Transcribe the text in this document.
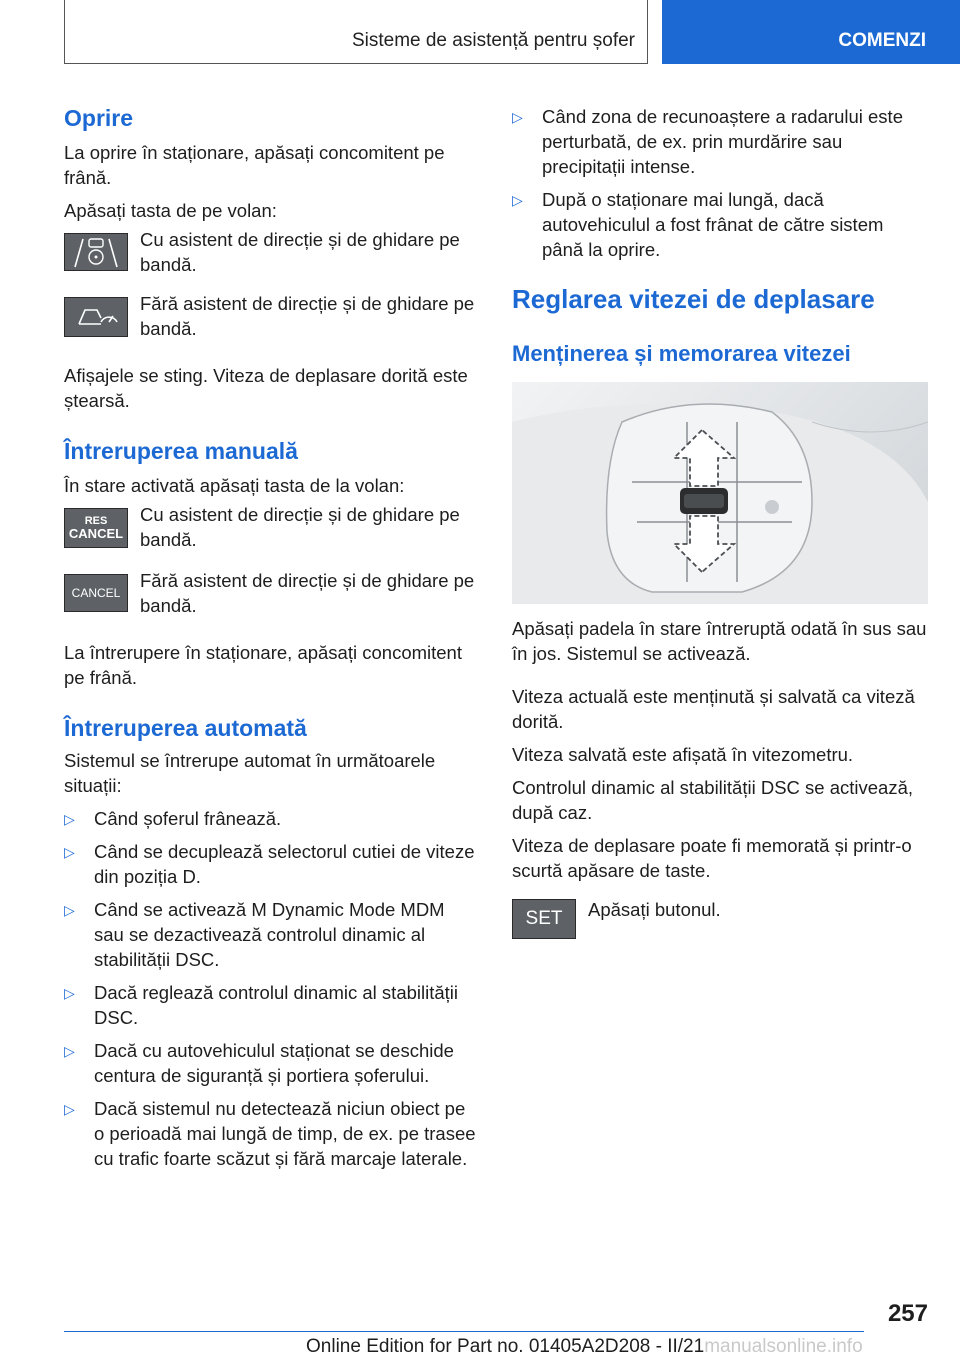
Sisteme de asistență pentru șofer	COMENZI
Oprire

La oprire în staționare, apăsați concomitent pe frână.

Apăsați tasta de pe volan:

Cu asistent de direcție și de ghidare pe bandă.

Fără asistent de direcție și de ghidare pe bandă.

Afișajele se sting. Viteza de deplasare dorită este ștearsă.

Întreruperea manuală

În stare activată apăsați tasta de la volan:

RES
CANCEL

Cu asistent de direcție și de ghidare pe bandă.

CANCEL

Fără asistent de direcție și de ghidare pe bandă.

La întrerupere în staționare, apăsați concomitent pe frână.

Întreruperea automată

Sistemul se întrerupe automat în următoarele situații:

▷ Când șoferul frânează.
▷ Când se decuplează selectorul cutiei de viteze din poziția D.
▷ Când se activează M Dynamic Mode MDM sau se dezactivează controlul dinamic al stabilității DSC.
▷ Dacă reglează controlul dinamic al stabilității DSC.
▷ Dacă cu autovehiculul staționat se deschide centura de siguranță și portiera șoferului.
▷ Dacă sistemul nu detectează niciun obiect pe o perioadă mai lungă de timp, de ex. pe trasee cu trafic foarte scăzut și fără marcaje laterale.
▷ Când zona de recunoaștere a radarului este perturbată, de ex. prin murdărire sau precipitații intense.
▷ După o staționare mai lungă, dacă autovehiculul a fost frânat de către sistem până la oprire.
Reglarea vitezei de deplasare
Menținerea și memorarea vitezei

Apăsați padela în stare întreruptă odată în sus sau în jos. Sistemul se activează.

Viteza actuală este menținută și salvată ca viteză dorită.

Viteza salvată este afișată în vitezometru.

Controlul dinamic al stabilității DSC se activează, după caz.

Viteza de deplasare poate fi memorată și printr-o scurtă apăsare de taste.

SET Apăsați butonul.

257
Online Edition for Part no. 01405A2D208 - II/21manualsonline.info
